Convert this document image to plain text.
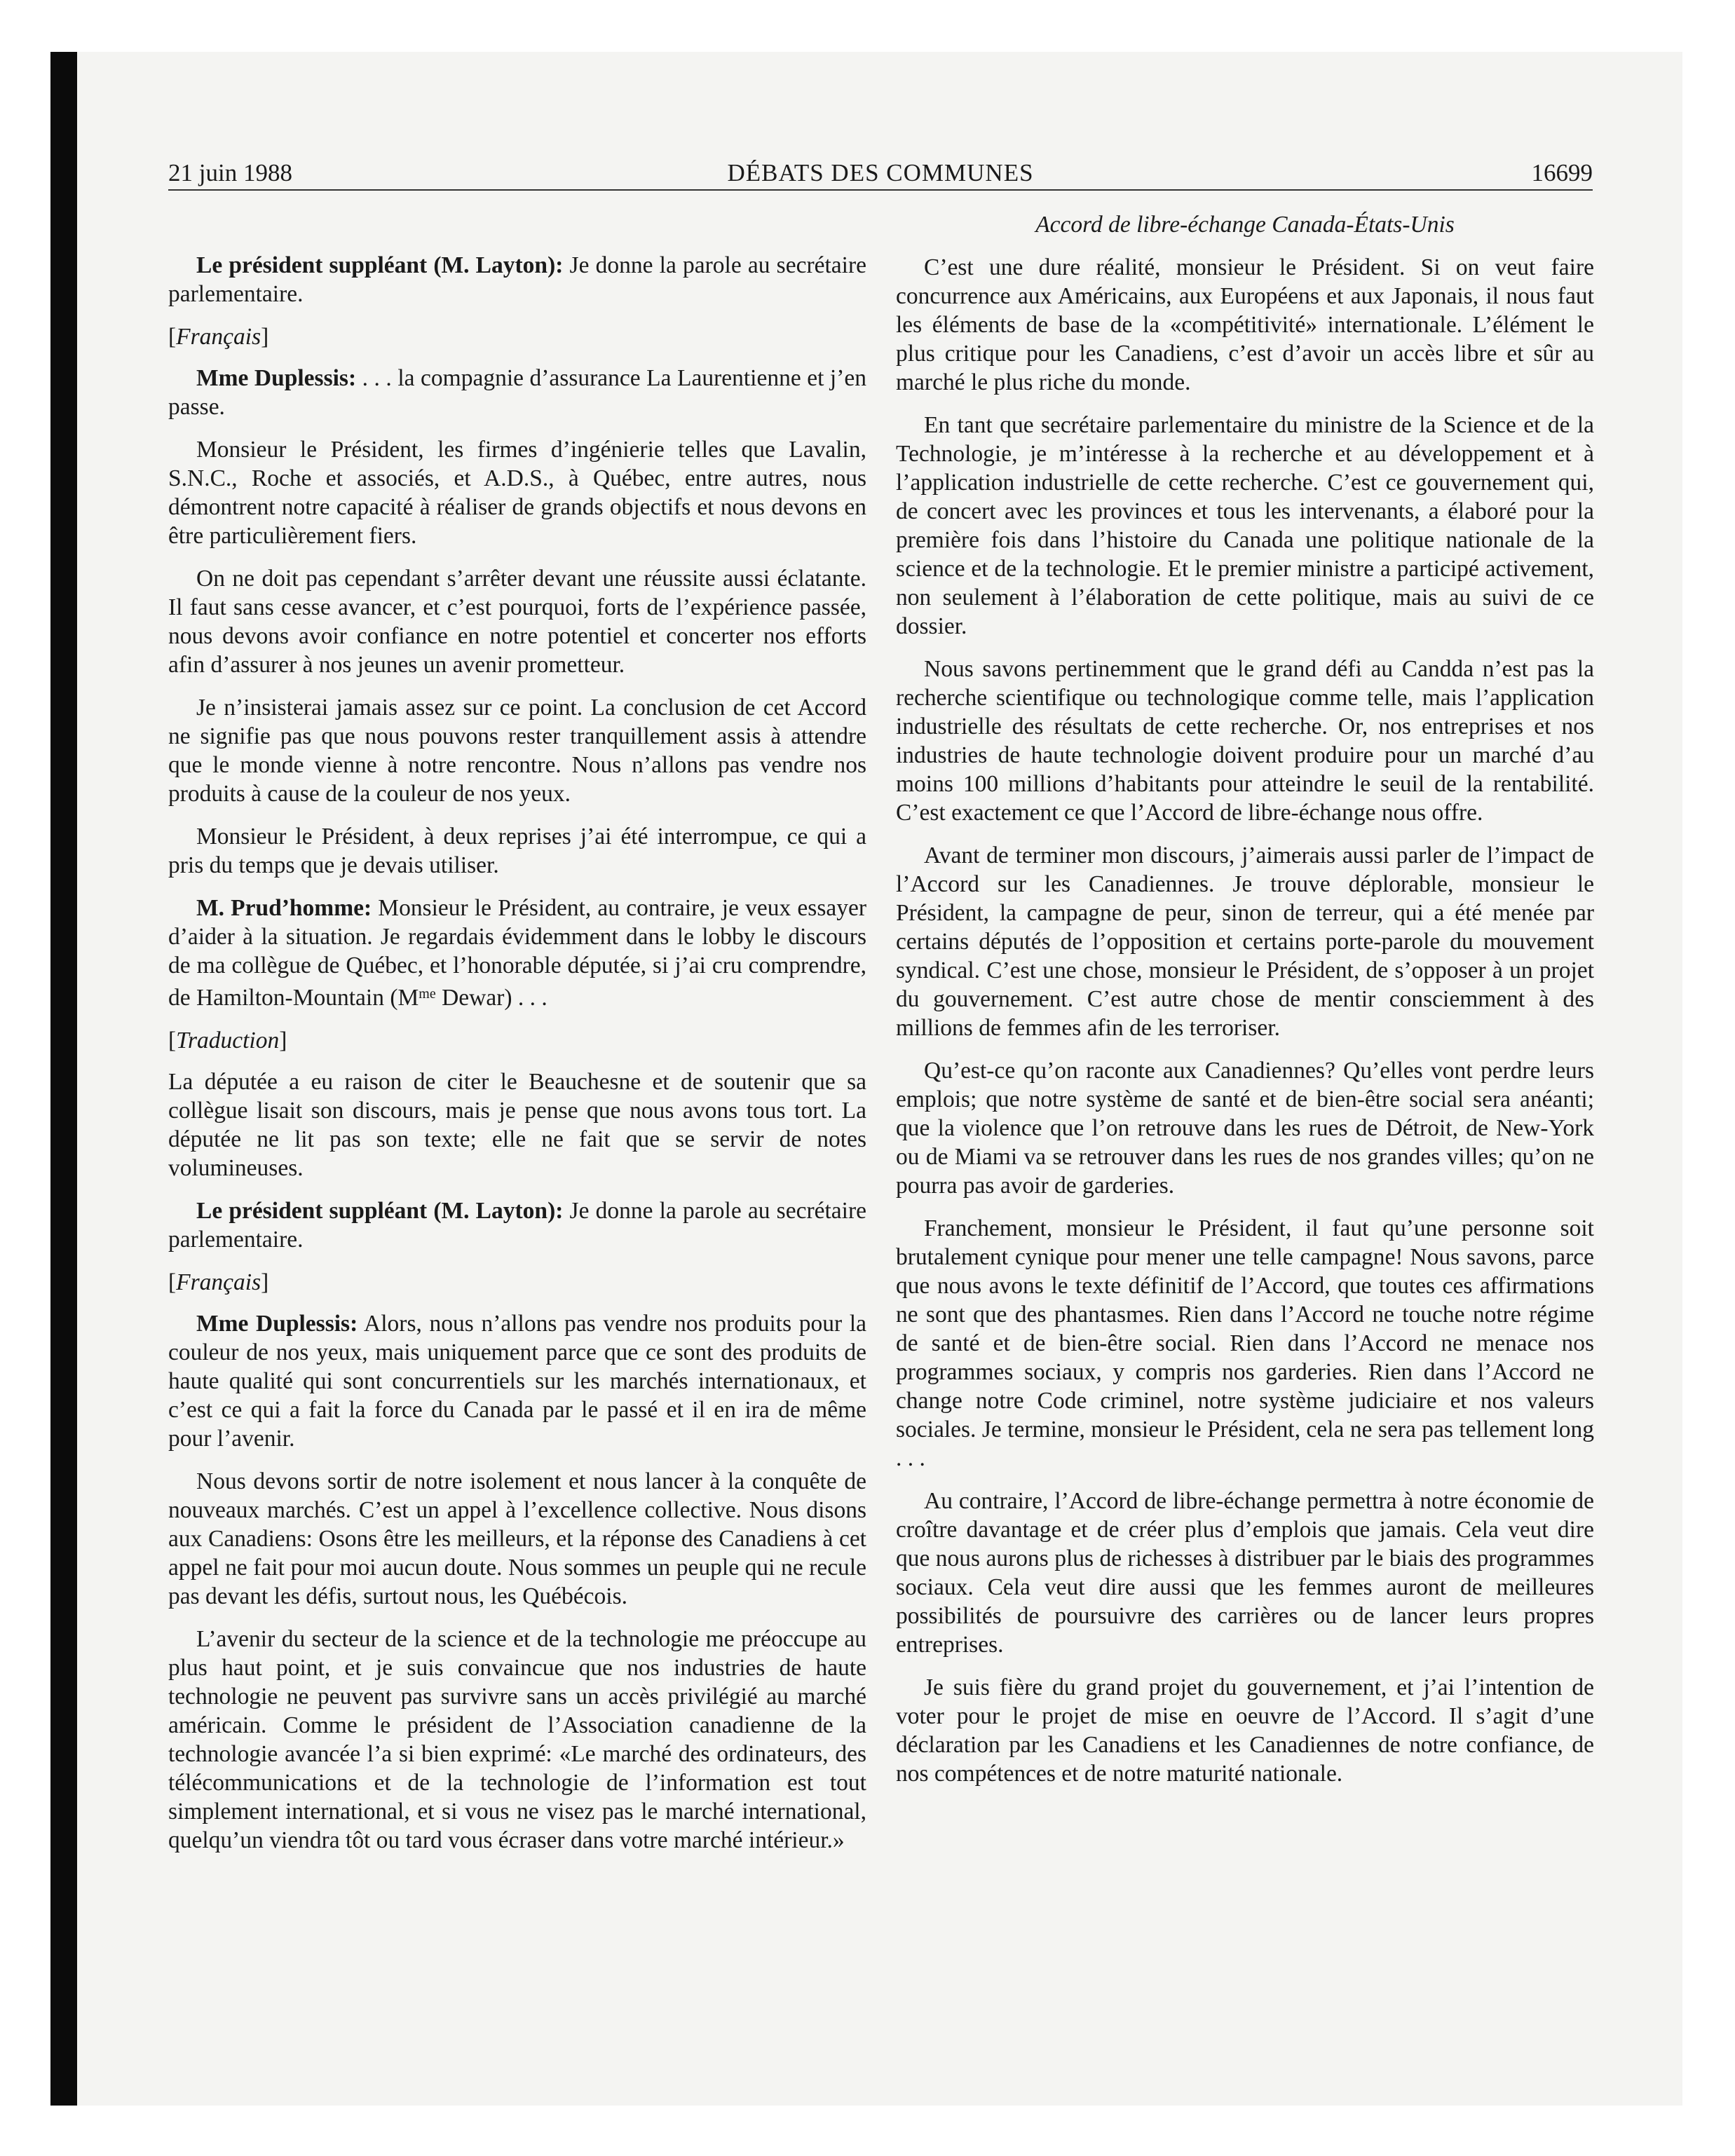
21 juin 1988	DÉBATS DES COMMUNES	16699

Le président suppléant (M. Layton): Je donne la parole au secrétaire parlementaire.

[Français]

Mme Duplessis: . . . la compagnie d’assurance La Laurentienne et j’en passe.

Monsieur le Président, les firmes d’ingénierie telles que Lavalin, S.N.C., Roche et associés, et A.D.S., à Québec, entre autres, nous démontrent notre capacité à réaliser de grands objectifs et nous devons en être particulièrement fiers.

On ne doit pas cependant s’arrêter devant une réussite aussi éclatante. Il faut sans cesse avancer, et c’est pourquoi, forts de l’expérience passée, nous devons avoir confiance en notre potentiel et concerter nos efforts afin d’assurer à nos jeunes un avenir prometteur.

Je n’insisterai jamais assez sur ce point. La conclusion de cet Accord ne signifie pas que nous pouvons rester tranquillement assis à attendre que le monde vienne à notre rencontre. Nous n’allons pas vendre nos produits à cause de la couleur de nos yeux.

Monsieur le Président, à deux reprises j’ai été interrompue, ce qui a pris du temps que je devais utiliser.

M. Prud’homme: Monsieur le Président, au contraire, je veux essayer d’aider à la situation. Je regardais évidemment dans le lobby le discours de ma collègue de Québec, et l’honorable députée, si j’ai cru comprendre, de Hamilton-Mountain ($M^{me}$ Dewar) . . .

[Traduction]

La députée a eu raison de citer le Beauchesne et de soutenir que sa collègue lisait son discours, mais je pense que nous avons tous tort. La députée ne lit pas son texte; elle ne fait que se servir de notes volumineuses.

Le président suppléant (M. Layton): Je donne la parole au secrétaire parlementaire.

[Français]

Mme Duplessis: Alors, nous n’allons pas vendre nos produits pour la couleur de nos yeux, mais uniquement parce que ce sont des produits de haute qualité qui sont concurrentiels sur les marchés internationaux, et c’est ce qui a fait la force du Canada par le passé et il en ira de même pour l’avenir.

Nous devons sortir de notre isolement et nous lancer à la conquête de nouveaux marchés. C’est un appel à l’excellence collective. Nous disons aux Canadiens: Osons être les meilleurs, et la réponse des Canadiens à cet appel ne fait pour moi aucun doute. Nous sommes un peuple qui ne recule pas devant les défis, surtout nous, les Québécois.

L’avenir du secteur de la science et de la technologie me préoccupe au plus haut point, et je suis convaincue que nos industries de haute technologie ne peuvent pas survivre sans un accès privilégié au marché américain. Comme le président de l’Association canadienne de la technologie avancée l’a si bien exprimé: «Le marché des ordinateurs, des télécommunications et de la technologie de l’information est tout simplement international, et si vous ne visez pas le marché international, quelqu’un viendra tôt ou tard vous écraser dans votre marché intérieur.»

Accord de libre-échange Canada-États-Unis

C’est une dure réalité, monsieur le Président. Si on veut faire concurrence aux Américains, aux Européens et aux Japonais, il nous faut les éléments de base de la «compétitivité» internationale. L’élément le plus critique pour les Canadiens, c’est d’avoir un accès libre et sûr au marché le plus riche du monde.

En tant que secrétaire parlementaire du ministre de la Science et de la Technologie, je m’intéresse à la recherche et au développement et à l’application industrielle de cette recherche. C’est ce gouvernement qui, de concert avec les provinces et tous les intervenants, a élaboré pour la première fois dans l’histoire du Canada une politique nationale de la science et de la technologie. Et le premier ministre a participé activement, non seulement à l’élaboration de cette politique, mais au suivi de ce dossier.

Nous savons pertinemment que le grand défi au Candda n’est pas la recherche scientifique ou technologique comme telle, mais l’application industrielle des résultats de cette recherche. Or, nos entreprises et nos industries de haute technologie doivent produire pour un marché d’au moins 100 millions d’habitants pour atteindre le seuil de la rentabilité. C’est exactement ce que l’Accord de libre-échange nous offre.

Avant de terminer mon discours, j’aimerais aussi parler de l’impact de l’Accord sur les Canadiennes. Je trouve déplorable, monsieur le Président, la campagne de peur, sinon de terreur, qui a été menée par certains députés de l’opposition et certains porte-parole du mouvement syndical. C’est une chose, monsieur le Président, de s’opposer à un projet du gouvernement. C’est autre chose de mentir consciemment à des millions de femmes afin de les terroriser.

Qu’est-ce qu’on raconte aux Canadiennes? Qu’elles vont perdre leurs emplois; que notre système de santé et de bien-être social sera anéanti; que la violence que l’on retrouve dans les rues de Détroit, de New-York ou de Miami va se retrouver dans les rues de nos grandes villes; qu’on ne pourra pas avoir de garderies.

Franchement, monsieur le Président, il faut qu’une personne soit brutalement cynique pour mener une telle campagne! Nous savons, parce que nous avons le texte définitif de l’Accord, que toutes ces affirmations ne sont que des phantasmes. Rien dans l’Accord ne touche notre régime de santé et de bien-être social. Rien dans l’Accord ne menace nos programmes sociaux, y compris nos garderies. Rien dans l’Accord ne change notre Code criminel, notre système judiciaire et nos valeurs sociales. Je termine, monsieur le Président, cela ne sera pas tellement long . . .

Au contraire, l’Accord de libre-échange permettra à notre économie de croître davantage et de créer plus d’emplois que jamais. Cela veut dire que nous aurons plus de richesses à distribuer par le biais des programmes sociaux. Cela veut dire aussi que les femmes auront de meilleures possibilités de poursuivre des carrières ou de lancer leurs propres entreprises.

Je suis fière du grand projet du gouvernement, et j’ai l’intention de voter pour le projet de mise en oeuvre de l’Accord. Il s’agit d’une déclaration par les Canadiens et les Canadiennes de notre confiance, de nos compétences et de notre maturité nationale.
